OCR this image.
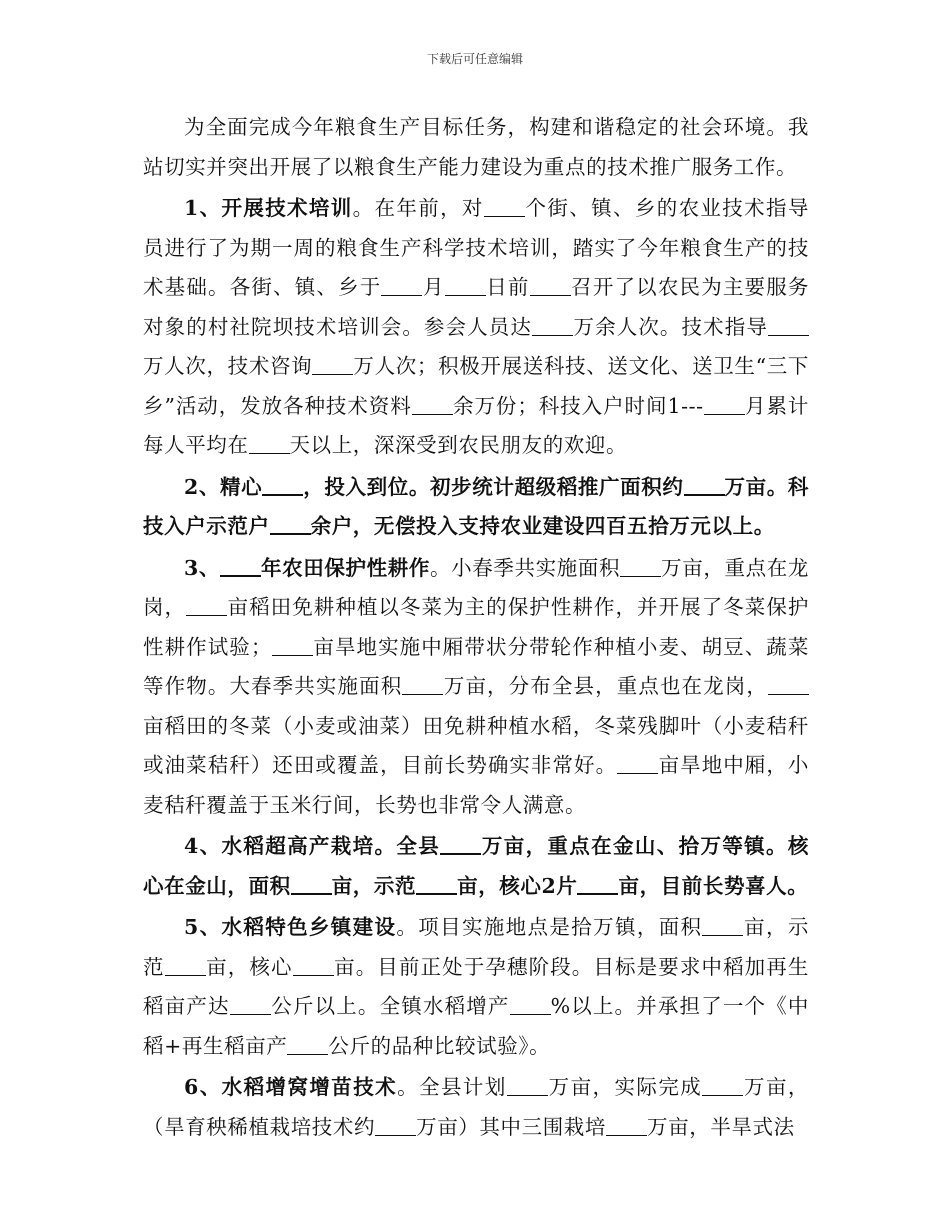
下载后可任意编辑

为全面完成今年粮食生产目标任务，构建和谐稳定的社会环境。我站切实并突出开展了以粮食生产能力建设为重点的技术推广服务工作。

1、开展技术培训。在年前，对 个街、镇、乡的农业技术指导员进行了为期一周的粮食生产科学技术培训，踏实了今年粮食生产的技术基础。各街、镇、乡于 月 日前 召开了以农民为主要服务对象的村社院坝技术培训会。参会人员达 万余人次。技术指导万人次，技术咨询 万人次；积极开展送科技、送文化、送卫生“三下乡”活动，发放各种技术资料 余万份；科技入户时间1--- 月累计每人平均在 天以上，深深受到农民朋友的欢迎。

2、精心 ，投入到位。初步统计超级稻推广面积约 万亩。科技入户示范户 余户，无偿投入支持农业建设四百五拾万元以上。

3、 年农田保护性耕作。小春季共实施面积 万亩，重点在龙岗， 亩稻田免耕种植以冬菜为主的保护性耕作，并开展了冬菜保护性耕作试验； 亩旱地实施中厢带状分带轮作种植小麦、胡豆、蔬菜等作物。大春季共实施面积 万亩，分布全县，重点也在龙岗，亩稻田的冬菜（小麦或油菜）田免耕种植水稻，冬菜残脚叶（小麦秸秆或油菜秸秆）还田或覆盖，目前长势确实非常好。 亩旱地中厢，小麦秸秆覆盖于玉米行间，长势也非常令人满意。

4、水稻超高产栽培。全县 万亩，重点在金山、拾万等镇。核心在金山，面积 亩，示范 亩，核心2片 亩，目前长势喜人。

5、水稻特色乡镇建设。项目实施地点是拾万镇，面积 亩，示范 亩，核心 亩。目前正处于孕穗阶段。目标是要求中稻加再生稻亩产达 公斤以上。全镇水稻增产 %以上。并承担了一个《中稻+再生稻亩产 公斤的品种比较试验》。

6、水稻增窝增苗技术。全县计划 万亩，实际完成 万亩，（旱育秧稀植栽培技术约 万亩）其中三围栽培 万亩，半旱式法
